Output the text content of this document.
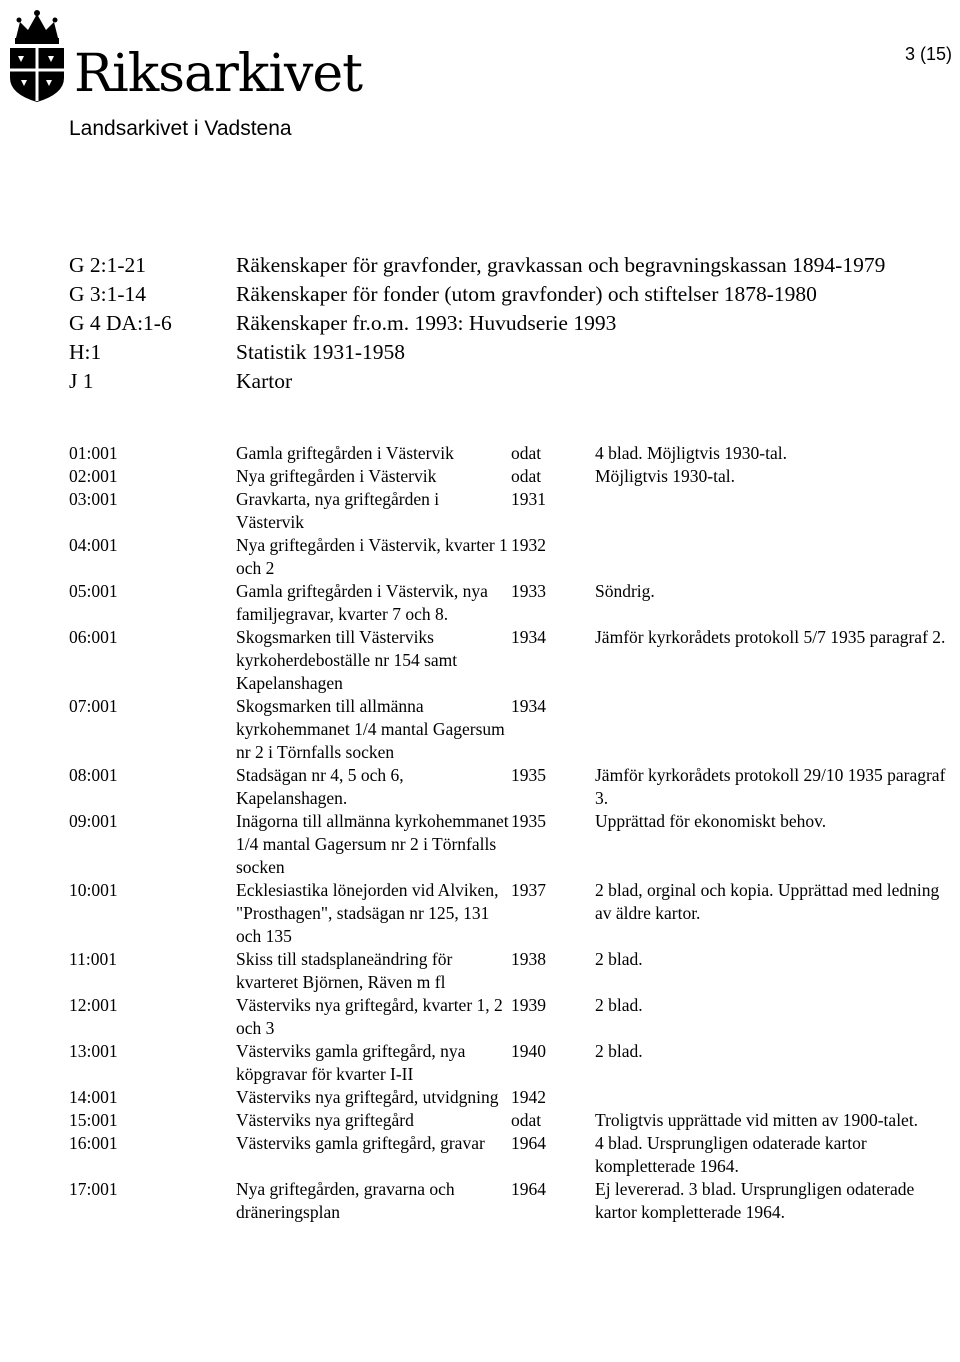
Riksarkivet
Landsarkivet i Vadstena
3 (15)
G 2:1-21	Räkenskaper för gravfonder, gravkassan och begravningskassan 1894-1979
G 3:1-14	Räkenskaper för fonder (utom gravfonder) och stiftelser 1878-1980
G 4 DA:1-6	Räkenskaper fr.o.m. 1993: Huvudserie 1993
H:1	Statistik 1931-1958
J 1	Kartor
01:001	Gamla griftegården i Västervik	odat	4 blad. Möjligtvis 1930-tal.
02:001	Nya griftegården i Västervik	odat	Möjligtvis 1930-tal.
03:001	Gravkarta, nya griftegården i Västervik	1931	
04:001	Nya griftegården i Västervik, kvarter 1 och 2	1932	
05:001	Gamla griftegården i Västervik, nya familjegravar, kvarter 7 och 8.	1933	Söndrig.
06:001	Skogsmarken till Västerviks kyrkoherdeboställe nr 154 samt Kapelanshagen	1934	Jämför kyrkorådets protokoll 5/7 1935 paragraf 2.
07:001	Skogsmarken till allmänna kyrkohemmanet 1/4 mantal Gagersum nr 2 i Törnfalls socken	1934	
08:001	Stadsägan nr 4, 5 och 6, Kapelanshagen.	1935	Jämför kyrkorådets protokoll 29/10 1935 paragraf 3.
09:001	Inägorna till allmänna kyrkohemmanet 1/4 mantal Gagersum nr 2 i Törnfalls socken	1935	Upprättad för ekonomiskt behov.
10:001	Ecklesiastika lönejorden vid Alviken, "Prosthagen", stadsägan nr 125, 131 och 135	1937	2 blad, orginal och kopia. Upprättad med ledning av äldre kartor.
11:001	Skiss till stadsplaneändring för kvarteret Björnen, Räven m fl	1938	2 blad.
12:001	Västerviks nya griftegård, kvarter 1, 2 och 3	1939	2 blad.
13:001	Västerviks gamla griftegård, nya köpgravar för kvarter I-II	1940	2 blad.
14:001	Västerviks nya griftegård, utvidgning	1942	
15:001	Västerviks nya griftegård	odat	Troligtvis upprättade vid mitten av 1900-talet.
16:001	Västerviks gamla griftegård, gravar	1964	4 blad. Ursprungligen odaterade kartor kompletterade 1964.
17:001	Nya griftegården, gravarna och dräneringsplan	1964	Ej levererad. 3 blad. Ursprungligen odaterade kartor kompletterade 1964.
